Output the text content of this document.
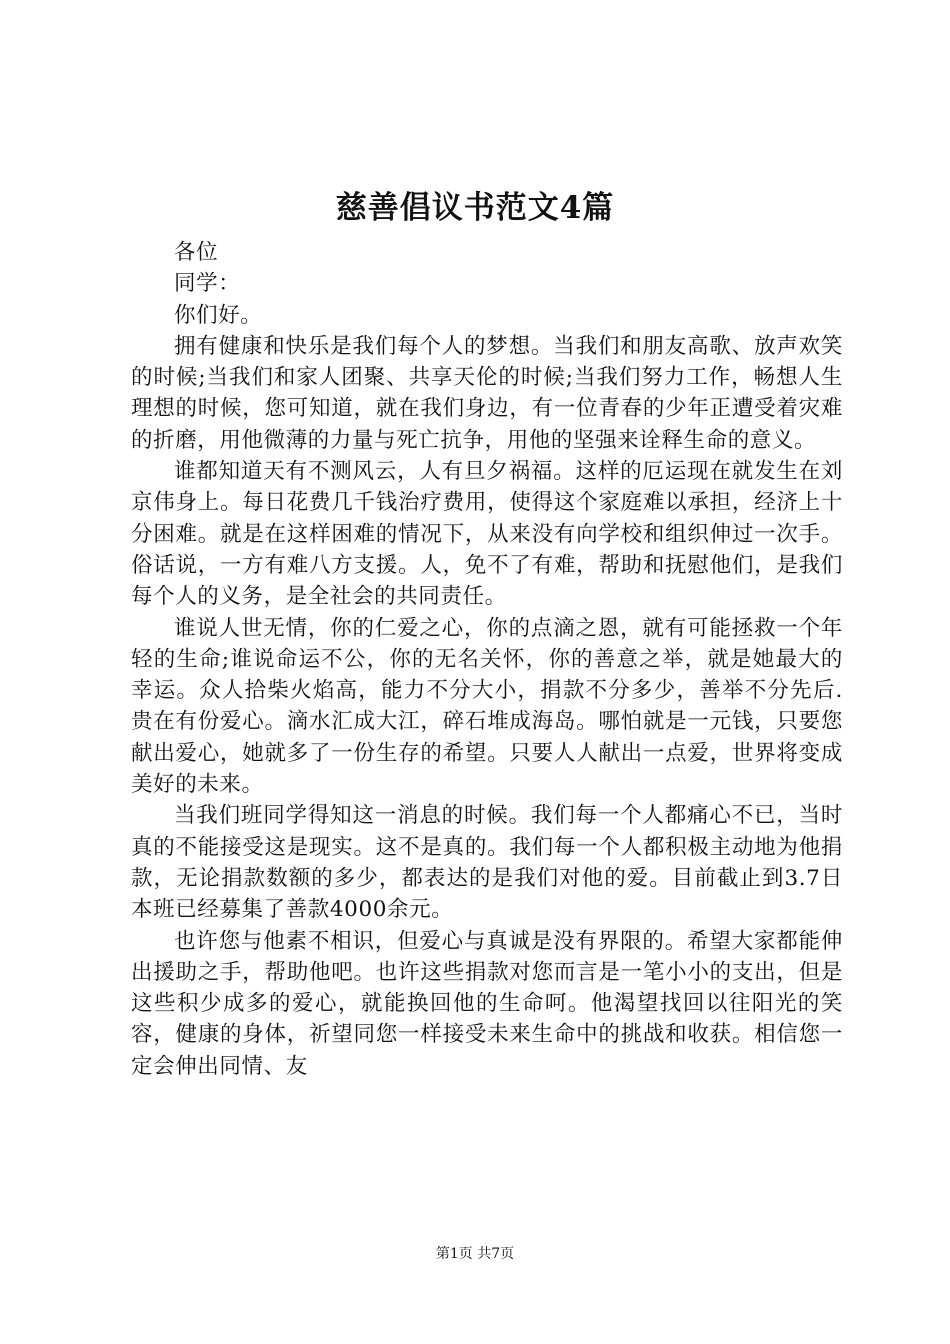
慈善倡议书范文4篇

各位

同学：

你们好。

拥有健康和快乐是我们每个人的梦想。当我们和朋友高歌、放声欢笑的时候;当我们和家人团聚、共享天伦的时候;当我们努力工作，畅想人生理想的时候，您可知道，就在我们身边，有一位青春的少年正遭受着灾难的折磨，用他微薄的力量与死亡抗争，用他的坚强来诠释生命的意义。

谁都知道天有不测风云，人有旦夕祸福。这样的厄运现在就发生在刘京伟身上。每日花费几千钱治疗费用，使得这个家庭难以承担，经济上十分困难。就是在这样困难的情况下，从来没有向学校和组织伸过一次手。俗话说，一方有难八方支援。人，免不了有难，帮助和抚慰他们，是我们每个人的义务，是全社会的共同责任。

谁说人世无情，你的仁爱之心，你的点滴之恩，就有可能拯救一个年轻的生命;谁说命运不公，你的无名关怀，你的善意之举，就是她最大的幸运。众人拾柴火焰高，能力不分大小，捐款不分多少，善举不分先后.贵在有份爱心。滴水汇成大江，碎石堆成海岛。哪怕就是一元钱，只要您献出爱心，她就多了一份生存的希望。只要人人献出一点爱，世界将变成美好的未来。

当我们班同学得知这一消息的时候。我们每一个人都痛心不已，当时真的不能接受这是现实。这不是真的。我们每一个人都积极主动地为他捐款，无论捐款数额的多少，都表达的是我们对他的爱。目前截止到3.7日本班已经募集了善款4000余元。

也许您与他素不相识，但爱心与真诚是没有界限的。希望大家都能伸出援助之手，帮助他吧。也许这些捐款对您而言是一笔小小的支出，但是这些积少成多的爱心，就能换回他的生命呵。他渴望找回以往阳光的笑容，健康的身体，祈望同您一样接受未来生命中的挑战和收获。相信您一定会伸出同情、友

第1页 共7页
